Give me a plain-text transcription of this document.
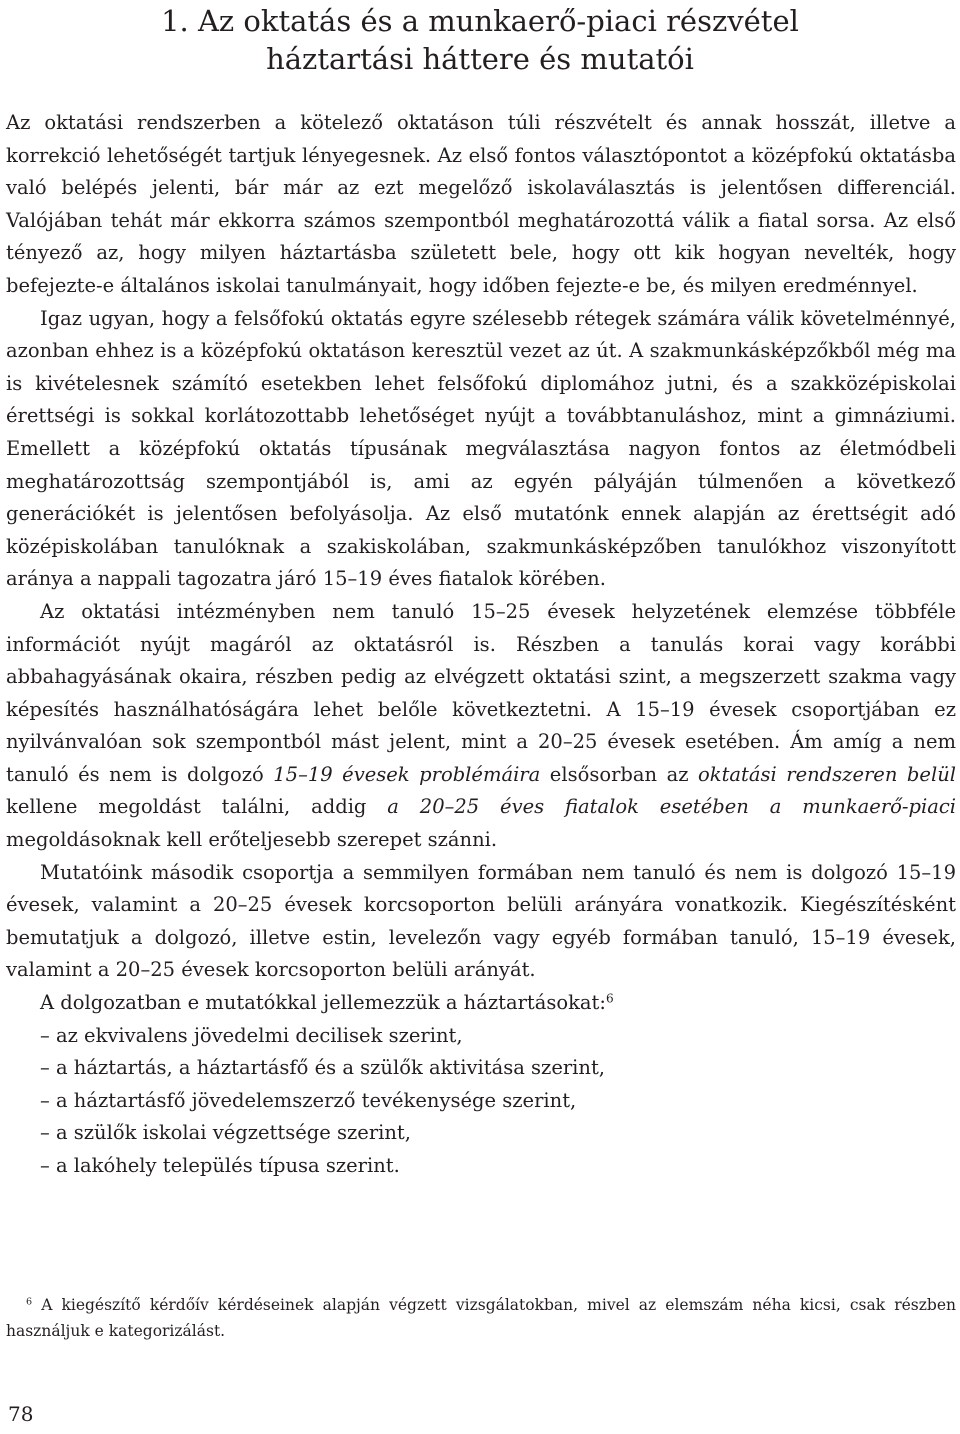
1. Az oktatás és a munkaerő-piaci részvétel
háztartási háttere és mutatói

Az oktatási rendszerben a kötelező oktatáson túli részvételt és annak hosszát, illetve a korrekció lehetőségét tartjuk lényegesnek. Az első fontos választópontot a középfokú oktatásba való belépés jelenti, bár már az ezt megelőző iskolaválasztás is jelentősen differenciál. Valójában tehát már ekkorra számos szempontból meghatározottá válik a fiatal sorsa. Az első tényező az, hogy milyen háztartásba született bele, hogy ott kik hogyan nevelték, hogy befejezte-e általános iskolai tanulmányait, hogy időben fejezte-e be, és milyen eredménnyel.

Igaz ugyan, hogy a felsőfokú oktatás egyre szélesebb rétegek számára válik követelménnyé, azonban ehhez is a középfokú oktatáson keresztül vezet az út. A szakmunkásképzőkből még ma is kivételesnek számító esetekben lehet felsőfokú diplomához jutni, és a szakközépiskolai érettségi is sokkal korlátozottabb lehetőséget nyújt a továbbtanuláshoz, mint a gimnáziumi. Emellett a középfokú oktatás típusának megválasztása nagyon fontos az életmódbeli meghatározottság szempontjából is, ami az egyén pályáján túlmenően a következő generációkét is jelentősen befolyásolja. Az első mutatónk ennek alapján az érettségit adó középiskolában tanulóknak a szakiskolában, szakmunkásképzőben tanulókhoz viszonyított aránya a nappali tagozatra járó 15–19 éves fiatalok körében.

Az oktatási intézményben nem tanuló 15–25 évesek helyzetének elemzése többféle információt nyújt magáról az oktatásról is. Részben a tanulás korai vagy korábbi abbahagyásának okaira, részben pedig az elvégzett oktatási szint, a megszerzett szakma vagy képesítés használhatóságára lehet belőle következtetni. A 15–19 évesek csoportjában ez nyilvánvalóan sok szempontból mást jelent, mint a 20–25 évesek esetében. Ám amíg a nem tanuló és nem is dolgozó 15–19 évesek problémáira elsősorban az oktatási rendszeren belül kellene megoldást találni, addig a 20–25 éves fiatalok esetében a munkaerő-piaci megoldásoknak kell erőteljesebb szerepet szánni.

Mutatóink második csoportja a semmilyen formában nem tanuló és nem is dolgozó 15–19 évesek, valamint a 20–25 évesek korcsoporton belüli arányára vonatkozik. Kiegészítésként bemutatjuk a dolgozó, illetve estin, levelezőn vagy egyéb formában tanuló, 15–19 évesek, valamint a 20–25 évesek korcsoporton belüli arányát.

A dolgozatban e mutatókkal jellemezzük a háztartásokat:$^6$

– az ekvivalens jövedelmi decilisek szerint,
– a háztartás, a háztartásfő és a szülők aktivitása szerint,
– a háztartásfő jövedelemszerző tevékenysége szerint,
– a szülők iskolai végzettsége szerint,
– a lakóhely település típusa szerint.

$^6$ A kiegészítő kérdőív kérdéseinek alapján végzett vizsgálatokban, mivel az elemszám néha kicsi, csak részben használjuk e kategorizálást.

78
